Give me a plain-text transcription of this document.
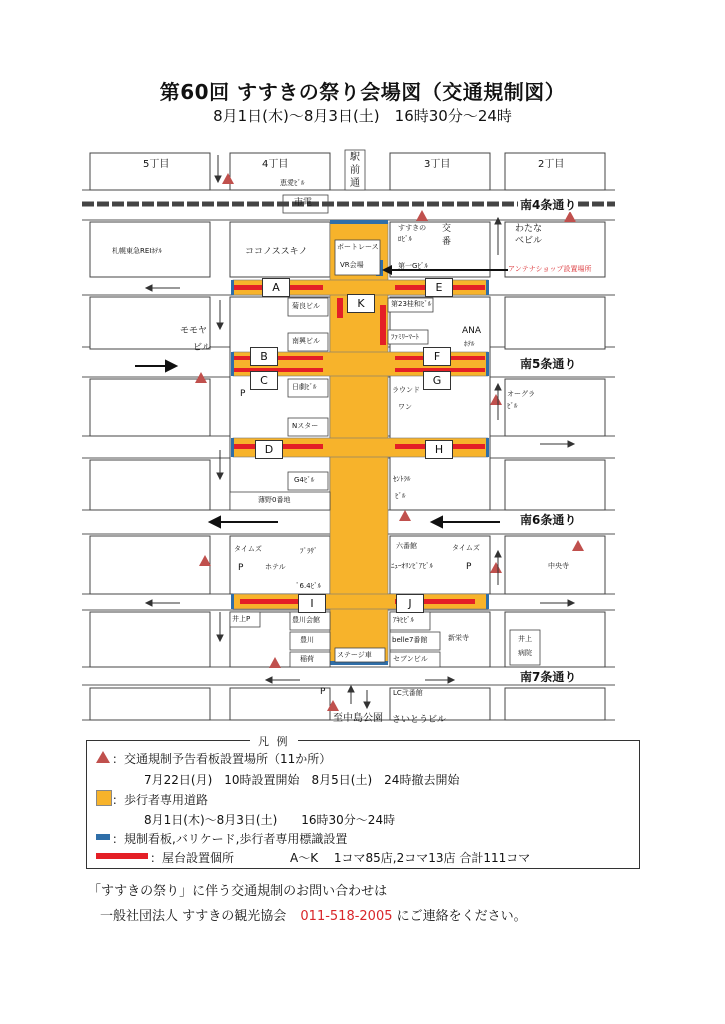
第60回 すすきの祭り会場図（交通規制図）
8月1日(木)～8月3日(土)　16時30分～24時
5丁目	4丁目	3丁目	2丁目
駅
前
通
恵愛ﾋﾞﾙ
市電	南4条通り
南5条通り
南6条通り
南7条通り
札幌東急REIﾎﾃﾙ	ココノススキノ	ボートレース
VR会場
すすきの
ﾛﾋﾞﾙ
交
番
わたな
べビル
第一Gﾋﾞﾙ	アンテナショップ設置場所
モモヤ
ビル
菊良ビル
南興ビル
日劇ﾋﾞﾙ
Nスター
G4ﾋﾞﾙ
薄野0番地
第23桂和ﾋﾞﾙ
ﾌｧﾐﾘｰﾏｰﾄ
ANA
ﾎﾃﾙ
ラウンド
ワン
ｾﾝﾄﾗﾙ
ﾋﾞﾙ
オーグラ
ﾋﾞﾙ
P
タイムズ
P	ホテル
ﾌﾟﾗｻﾞ
ﾞ6.4ﾋﾞﾙ
六番館
ﾆｭｰｵﾘﾝﾋﾟｱﾋﾞﾙ
タイムズ
P	中央寺
井上P	豊川会館
豊川
稲荷	ステージ車
ｱｷﾋﾋﾞﾙ
belle7番館	新栄寺
セブンビル
井上
病院
P
至中島公園
LC弐番館
さいとうビル
A
B
C
D
E
F
G
H
I	J
K
凡 例
：交通規制予告看板設置場所（11か所）
7月22日(月)　10時設置開始　8月5日(土)　24時撤去開始
：歩行者専用道路
8月1日(木)～8月3日(土)　　16時30分～24時
：規制看板,バリケード,歩行者専用標識設置
：屋台設置個所	A～K　 1コマ85店,2コマ13店 合計111コマ
「すすきの祭り」に伴う交通規制のお問い合わせは
一般社団法人 すすきの観光協会 011-518-2005 にご連絡をください。
